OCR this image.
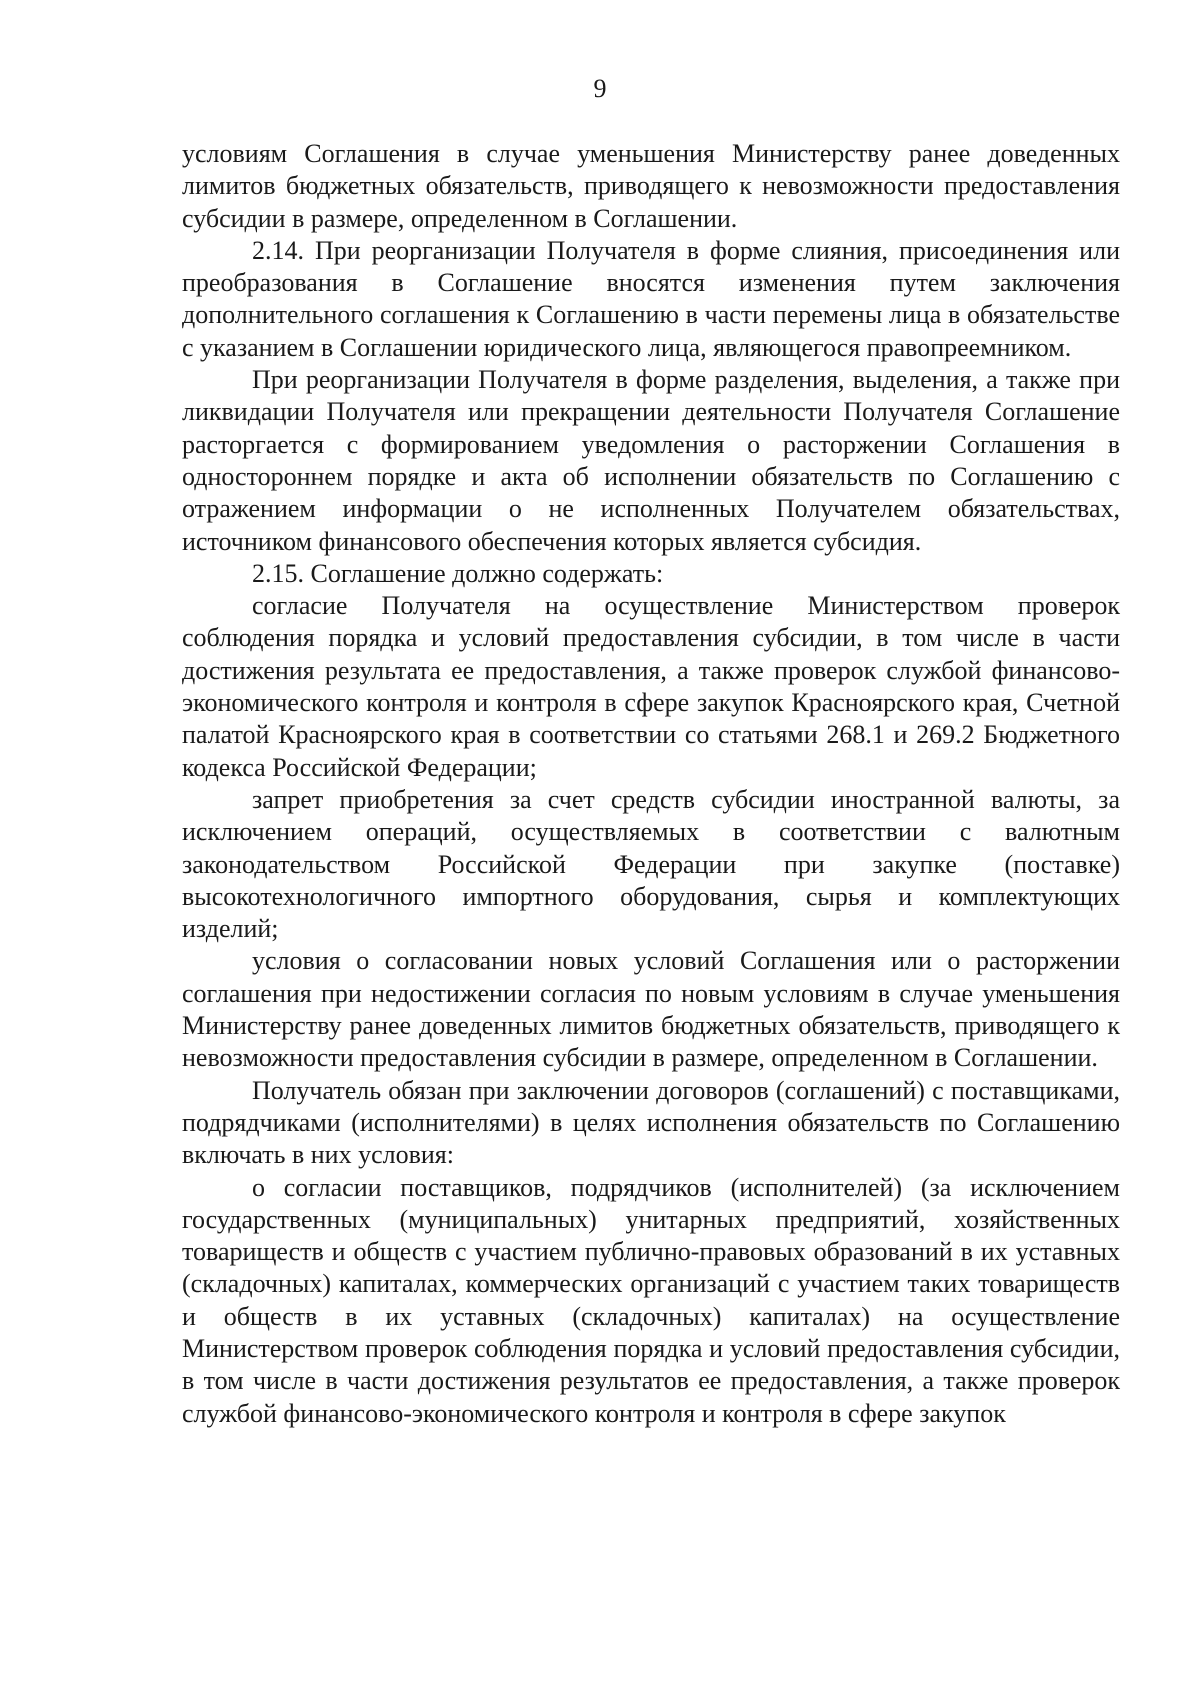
9

условиям Соглашения в случае уменьшения Министерству ранее доведенных лимитов бюджетных обязательств, приводящего к невозможности предоставления субсидии в размере, определенном в Соглашении.

2.14. При реорганизации Получателя в форме слияния, присоединения или преобразования в Соглашение вносятся изменения путем заключения дополнительного соглашения к Соглашению в части перемены лица в обязательстве с указанием в Соглашении юридического лица, являющегося правопреемником.

При реорганизации Получателя в форме разделения, выделения, а также при ликвидации Получателя или прекращении деятельности Получателя Соглашение расторгается с формированием уведомления о расторжении Соглашения в одностороннем порядке и акта об исполнении обязательств по Соглашению с отражением информации о не исполненных Получателем обязательствах, источником финансового обеспечения которых является субсидия.

2.15. Соглашение должно содержать:

согласие Получателя на осуществление Министерством проверок соблюдения порядка и условий предоставления субсидии, в том числе в части достижения результата ее предоставления, а также проверок службой финансово-экономического контроля и контроля в сфере закупок Красноярского края, Счетной палатой Красноярского края в соответствии со статьями 268.1 и 269.2 Бюджетного кодекса Российской Федерации;

запрет приобретения за счет средств субсидии иностранной валюты, за исключением операций, осуществляемых в соответствии с валютным законодательством Российской Федерации при закупке (поставке) высокотехнологичного импортного оборудования, сырья и комплектующих изделий;

условия о согласовании новых условий Соглашения или о расторжении соглашения при недостижении согласия по новым условиям в случае уменьшения Министерству ранее доведенных лимитов бюджетных обязательств, приводящего к невозможности предоставления субсидии в размере, определенном в Соглашении.

Получатель обязан при заключении договоров (соглашений) с поставщиками, подрядчиками (исполнителями) в целях исполнения обязательств по Соглашению включать в них условия:

о согласии поставщиков, подрядчиков (исполнителей) (за исключением государственных (муниципальных) унитарных предприятий, хозяйственных товариществ и обществ с участием публично-правовых образований в их уставных (складочных) капиталах, коммерческих организаций с участием таких товариществ и обществ в их уставных (складочных) капиталах) на осуществление Министерством проверок соблюдения порядка и условий предоставления субсидии, в том числе в части достижения результатов ее предоставления, а также проверок службой финансово-экономического контроля и контроля в сфере закупок
